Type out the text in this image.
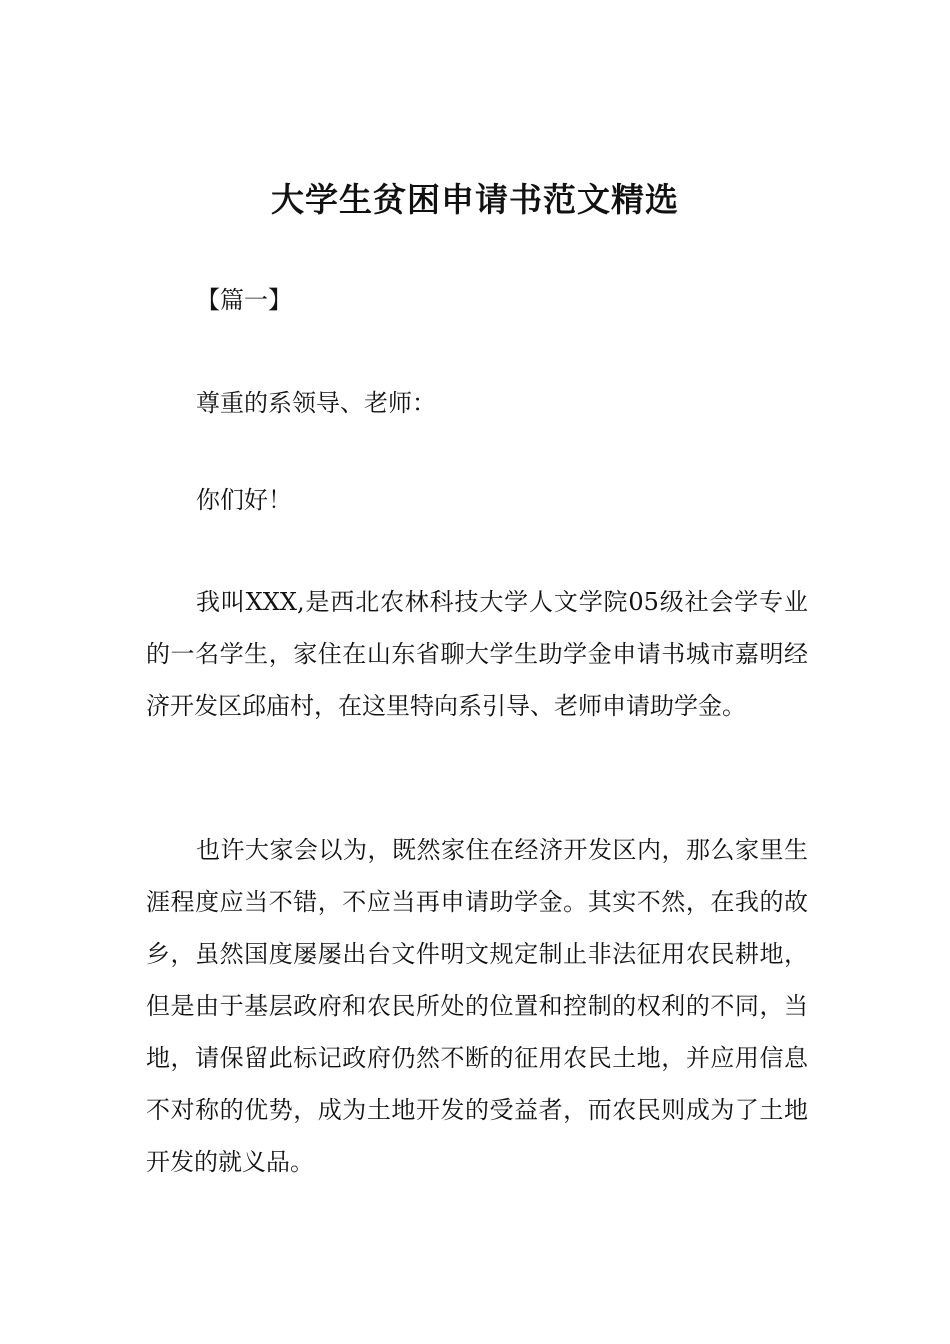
大学生贫困申请书范文精选

【篇一】

尊重的系领导、老师：

你们好！

我叫XXX,是西北农林科技大学人文学院05级社会学专业的一名学生，家住在山东省聊大学生助学金申请书城市嘉明经济开发区邱庙村，在这里特向系引导、老师申请助学金。

也许大家会以为，既然家住在经济开发区内，那么家里生涯程度应当不错，不应当再申请助学金。其实不然，在我的故乡，虽然国度屡屡出台文件明文规定制止非法征用农民耕地，但是由于基层政府和农民所处的位置和控制的权利的不同，当地，请保留此标记政府仍然不断的征用农民土地，并应用信息不对称的优势，成为土地开发的受益者，而农民则成为了土地开发的就义品。
